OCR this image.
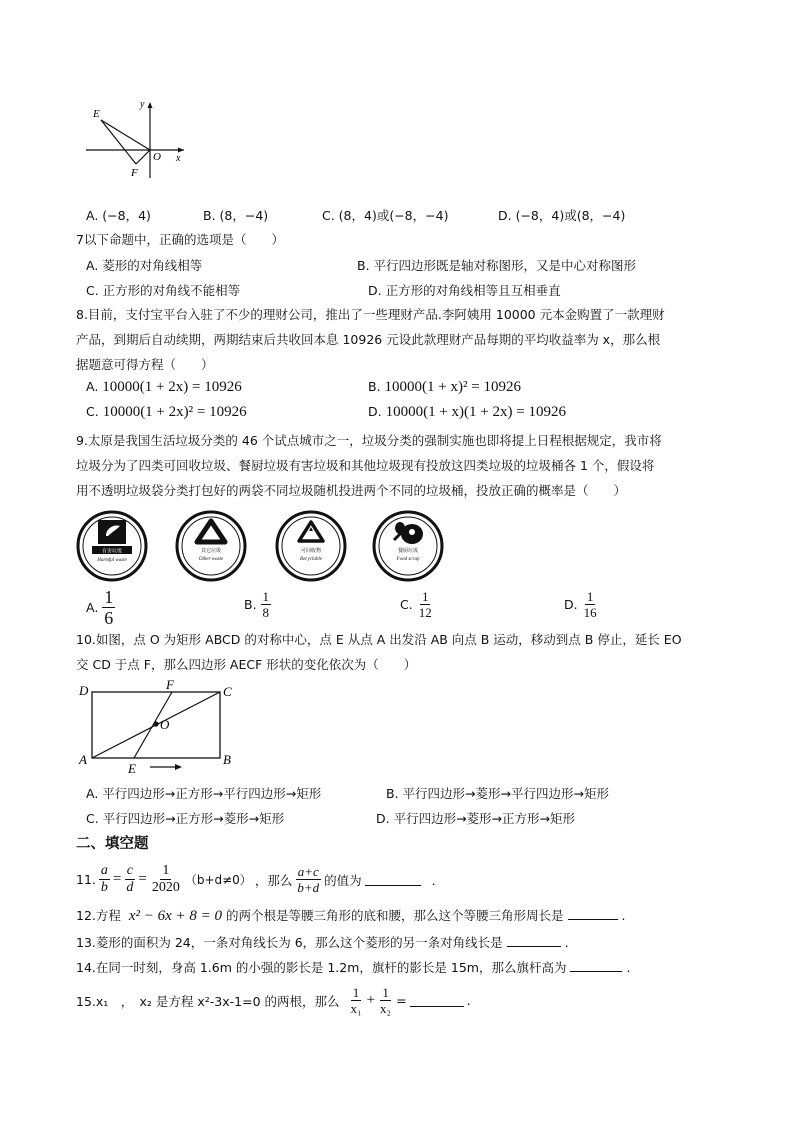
y
x
O
E
F
A. (−8，4)	B. (8，−4)	C. (8，4)或(−8，−4)	D. (−8，4)或(8，−4)
7以下命题中，正确的选项是（　　）
A. 菱形的对角线相等	B. 平行四边形既是轴对称图形，又是中心对称图形
C. 正方形的对角线不能相等	D. 正方形的对角线相等且互相垂直
8.目前，支付宝平台入驻了不少的理财公司，推出了一些理财产品.李阿姨用 10000 元本金购置了一款理财
产品，到期后自动续期，两期结束后共收回本息 10926 元设此款理财产品每期的平均收益率为 x，那么根
据题意可得方程（　　）
A. 10000(1 + 2x) = 10926	B. 10000(1 + x)² = 10926
C. 10000(1 + 2x)² = 10926	D. 10000(1 + x)(1 + 2x) = 10926
9.太原是我国生活垃圾分类的 46 个试点城市之一，垃圾分类的强制实施也即将提上日程根据规定，我市将
垃圾分为了四类可回收垃圾、餐厨垃圾有害垃圾和其他垃圾现有投放这四类垃圾的垃圾桶各 1 个，假设将
用不透明垃圾袋分类打包好的两袋不同垃圾随机投进两个不同的垃圾桶，投放正确的概率是（　　）
有害垃圾
Harmful waste
其它垃圾
Other waste
可回收物
Recyclable
餐厨垃圾
Food scrap
A. $\frac{1}{6}$	B. $\frac{1}{8}$	C. $\frac{1}{12}$	D. $\frac{1}{16}$
10.如图，点 O 为矩形 ABCD 的对称中心，点 E 从点 A 出发沿 AB 向点 B 运动，移动到点 B 停止，延长 EO
交 CD 于点 F，那么四边形 AECF 形状的变化依次为（　　）
D	F	C
O
A	B
E
A. 平行四边形→正方形→平行四边形→矩形	B. 平行四边形→菱形→平行四边形→矩形
C. 平行四边形→正方形→菱形→矩形	D. 平行四边形→菱形→正方形→矩形
二、填空题
11. $\frac{a}{b} = \frac{c}{d} = \frac{1}{2020} (b+d\ne 0)$ ，那么 $\frac{a+c}{b+d}$ 的值为	．
12.方程 x² − 6x + 8 = 0 的两个根是等腰三角形的底和腰，那么这个等腰三角形周长是	.
13.菱形的面积为 24，一条对角线长为 6，那么这个菱形的另一条对角线长是	.
14.在同一时刻，身高 1.6m 的小强的影长是 1.2m，旗杆的影长是 15m，那么旗杆高为	.
15.x₁　，　x₂ 是方程 x²-3x-1=0 的两根，那么 $\frac{1}{\text{x₁}} + \frac{1}{\text{x₂}}$ =	.
